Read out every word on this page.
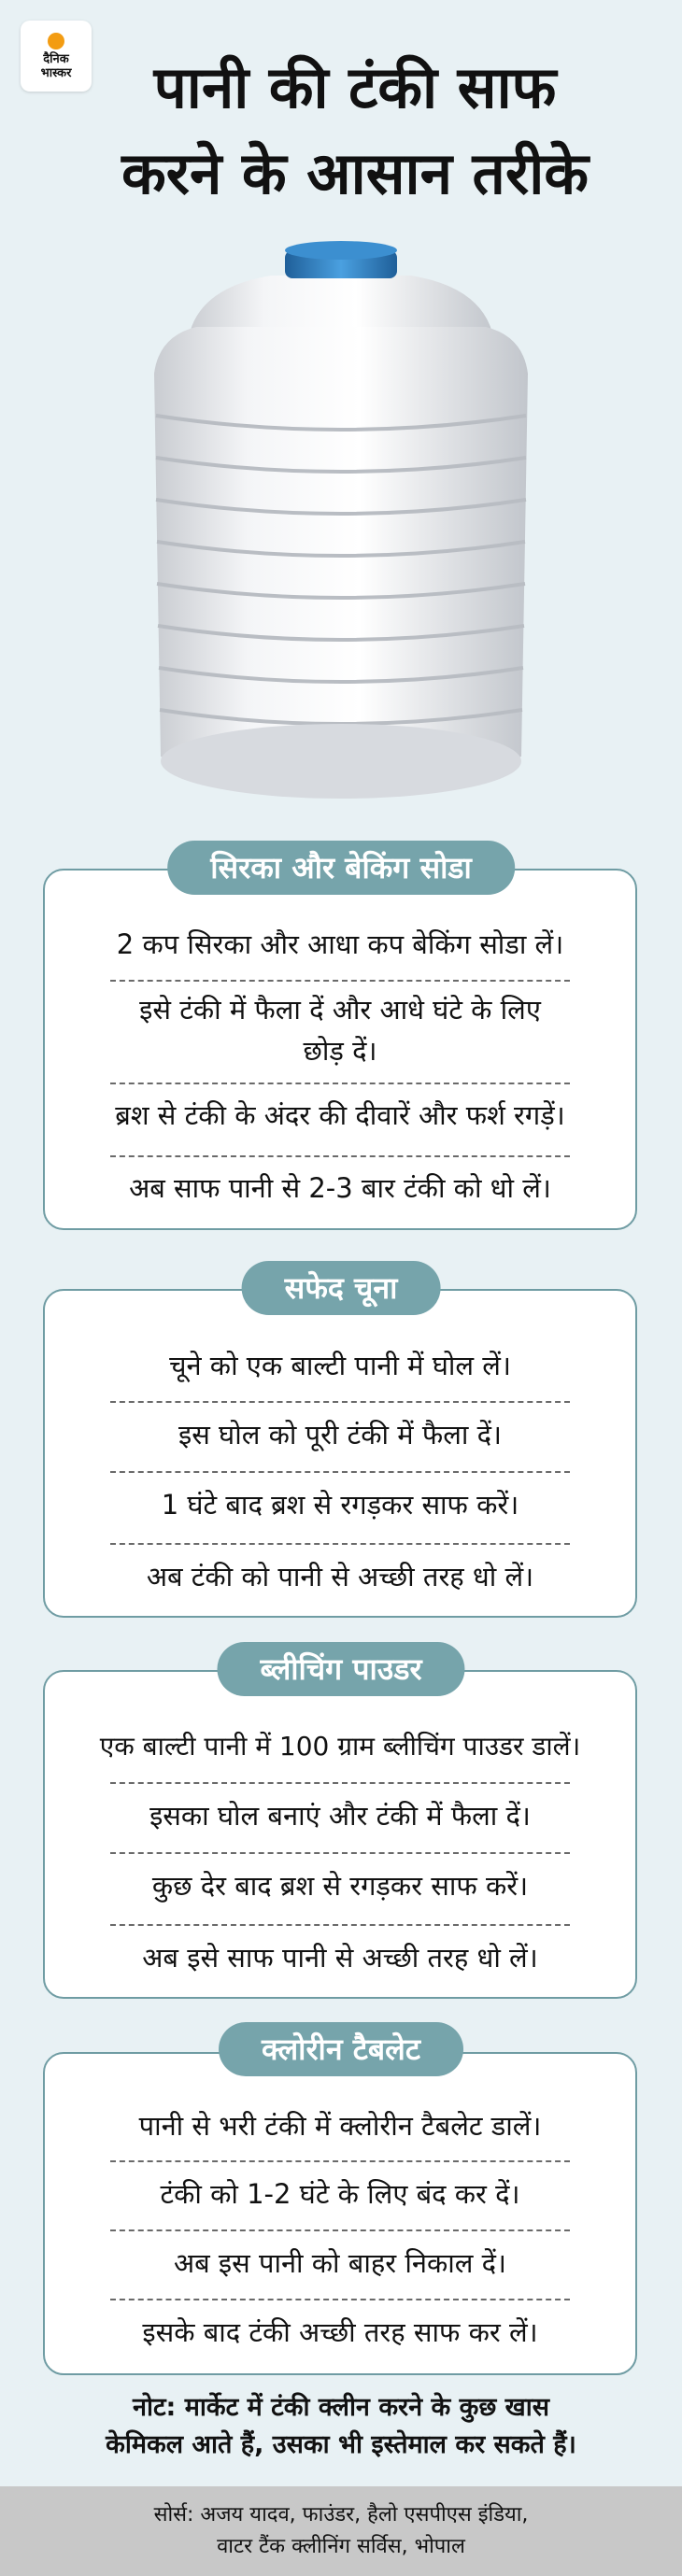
दैनिक
भास्कर	पानी की टंकी साफ
करने के आसान तरीके
2 कप सिरका और आधा कप बेकिंग सोडा लें।
इसे टंकी में फैला दें और आधे घंटे के लिए
छोड़ दें।
ब्रश से टंकी के अंदर की दीवारें और फर्श रगड़ें।
अब साफ पानी से 2-3 बार टंकी को धो लें।
सिरका और बेकिंग सोडा
चूने को एक बाल्टी पानी में घोल लें।
इस घोल को पूरी टंकी में फैला दें।
1 घंटे बाद ब्रश से रगड़कर साफ करें।
अब टंकी को पानी से अच्छी तरह धो लें।
सफेद चूना
एक बाल्टी पानी में 100 ग्राम ब्लीचिंग पाउडर डालें।
इसका घोल बनाएं और टंकी में फैला दें।
कुछ देर बाद ब्रश से रगड़कर साफ करें।
अब इसे साफ पानी से अच्छी तरह धो लें।
ब्लीचिंग पाउडर
पानी से भरी टंकी में क्लोरीन टैबलेट डालें।
टंकी को 1-2 घंटे के लिए बंद कर दें।
अब इस पानी को बाहर निकाल दें।
इसके बाद टंकी अच्छी तरह साफ कर लें।
क्लोरीन टैबलेट
नोट: मार्केट में टंकी क्लीन करने के कुछ खास
केमिकल आते हैं, उसका भी इस्तेमाल कर सकते हैं।
सोर्स: अजय यादव, फाउंडर, हैलो एसपीएस इंडिया,
वाटर टैंक क्लीनिंग सर्विस, भोपाल
